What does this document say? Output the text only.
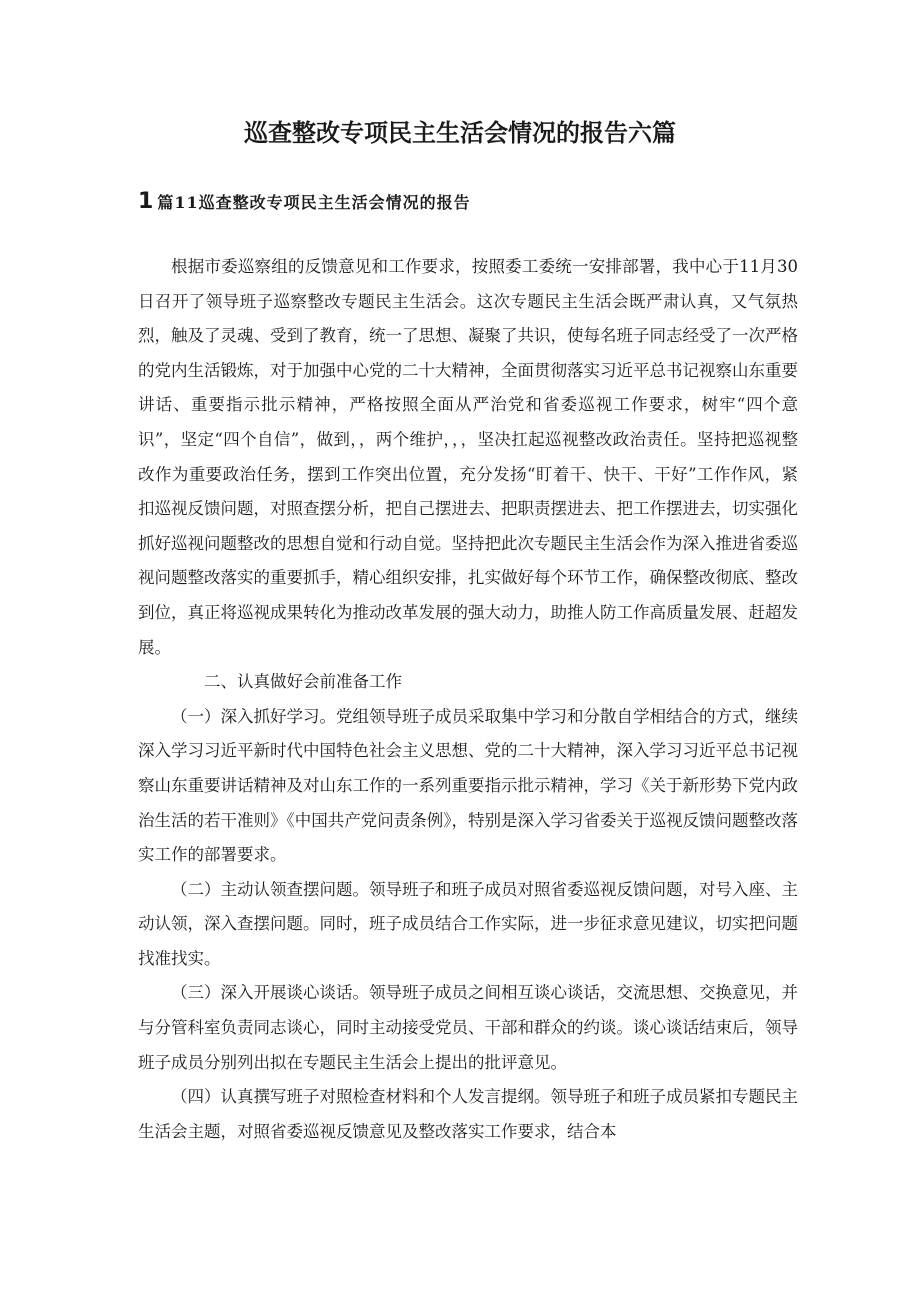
巡查整改专项民主生活会情况的报告六篇
1 篇11巡查整改专项民主生活会情况的报告

根据市委巡察组的反馈意见和工作要求，按照委工委统一安排部署，我中心于11月30日召开了领导班子巡察整改专题民主生活会。这次专题民主生活会既严肃认真，又气氛热烈，触及了灵魂、受到了教育，统一了思想、凝聚了共识，使每名班子同志经受了一次严格的党内生活锻炼，对于加强中心党的二十大精神，全面贯彻落实习近平总书记视察山东重要讲话、重要指示批示精神，严格按照全面从严治党和省委巡视工作要求，树牢“四个意识”，坚定“四个自信”，做到，，两个维护，，，坚决扛起巡视整改政治责任。坚持把巡视整改作为重要政治任务，摆到工作突出位置，充分发扬“盯着干、快干、干好”工作作风，紧扣巡视反馈问题，对照查摆分析，把自己摆进去、把职责摆进去、把工作摆进去，切实强化抓好巡视问题整改的思想自觉和行动自觉。坚持把此次专题民主生活会作为深入推进省委巡视问题整改落实的重要抓手，精心组织安排，扎实做好每个环节工作，确保整改彻底、整改到位，真正将巡视成果转化为推动改革发展的强大动力，助推人防工作高质量发展、赶超发展。

二、认真做好会前准备工作

（一）深入抓好学习。党组领导班子成员采取集中学习和分散自学相结合的方式，继续深入学习习近平新时代中国特色社会主义思想、党的二十大精神，深入学习习近平总书记视察山东重要讲话精神及对山东工作的一系列重要指示批示精神，学习《关于新形势下党内政治生活的若干准则》《中国共产党问责条例》，特别是深入学习省委关于巡视反馈问题整改落实工作的部署要求。

（二）主动认领查摆问题。领导班子和班子成员对照省委巡视反馈问题，对号入座、主动认领，深入查摆问题。同时，班子成员结合工作实际，进一步征求意见建议，切实把问题找准找实。

（三）深入开展谈心谈话。领导班子成员之间相互谈心谈话，交流思想、交换意见，并与分管科室负责同志谈心，同时主动接受党员、干部和群众的约谈。谈心谈话结束后，领导班子成员分别列出拟在专题民主生活会上提出的批评意见。

（四）认真撰写班子对照检查材料和个人发言提纲。领导班子和班子成员紧扣专题民主生活会主题，对照省委巡视反馈意见及整改落实工作要求，结合本
